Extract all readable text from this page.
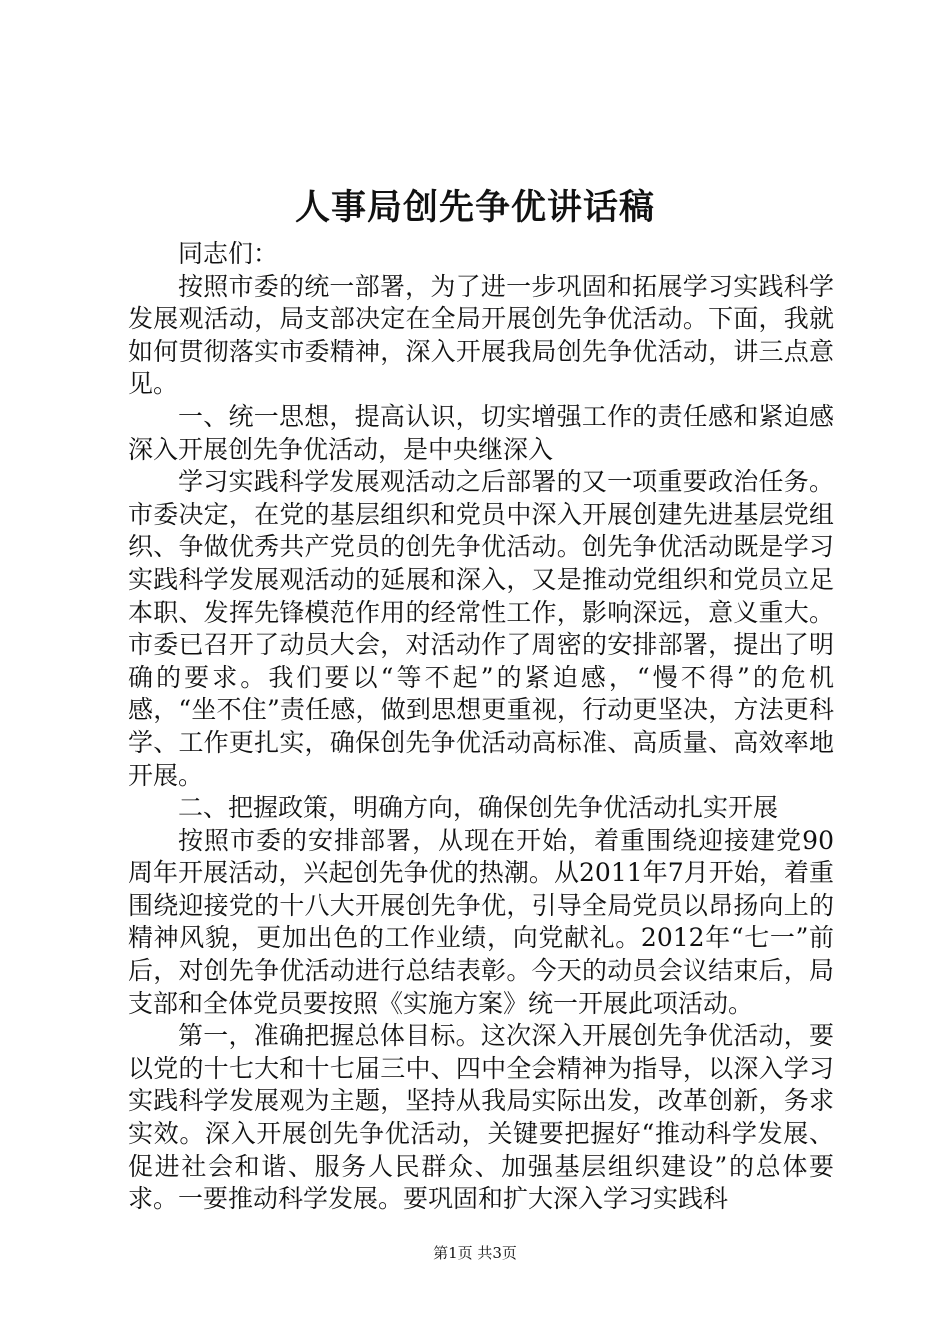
人事局创先争优讲话稿

同志们：

按照市委的统一部署，为了进一步巩固和拓展学习实践科学发展观活动，局支部决定在全局开展创先争优活动。下面，我就如何贯彻落实市委精神，深入开展我局创先争优活动，讲三点意见。

一、统一思想，提高认识，切实增强工作的责任感和紧迫感深入开展创先争优活动，是中央继深入

学习实践科学发展观活动之后部署的又一项重要政治任务。市委决定，在党的基层组织和党员中深入开展创建先进基层党组织、争做优秀共产党员的创先争优活动。创先争优活动既是学习实践科学发展观活动的延展和深入，又是推动党组织和党员立足本职、发挥先锋模范作用的经常性工作，影响深远，意义重大。市委已召开了动员大会，对活动作了周密的安排部署，提出了明确的要求。我们要以“等不起”的紧迫感，“慢不得”的危机感，“坐不住”责任感，做到思想更重视，行动更坚决，方法更科学、工作更扎实，确保创先争优活动高标准、高质量、高效率地开展。

二、把握政策，明确方向，确保创先争优活动扎实开展

按照市委的安排部署，从现在开始，着重围绕迎接建党90周年开展活动，兴起创先争优的热潮。从2011年7月开始，着重围绕迎接党的十八大开展创先争优，引导全局党员以昂扬向上的精神风貌，更加出色的工作业绩，向党献礼。2012年“七一”前后，对创先争优活动进行总结表彰。今天的动员会议结束后，局支部和全体党员要按照《实施方案》统一开展此项活动。

第一，准确把握总体目标。这次深入开展创先争优活动，要以党的十七大和十七届三中、四中全会精神为指导，以深入学习实践科学发展观为主题，坚持从我局实际出发，改革创新，务求实效。深入开展创先争优活动，关键要把握好“推动科学发展、促进社会和谐、服务人民群众、加强基层组织建设”的总体要求。一要推动科学发展。要巩固和扩大深入学习实践科

第1页 共3页
